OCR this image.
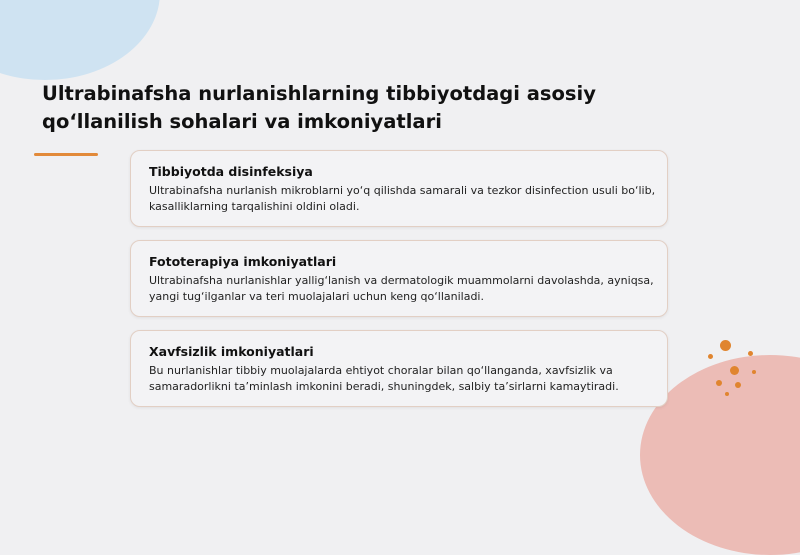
Ultrabinafsha nurlanishlarning tibbiyotdagi asosiy
qo‘llanilish sohalari va imkoniyatlari
Tibbiyotda disinfeksiya

Ultrabinafsha nurlanish mikroblarni yo‘q qilishda samarali va tezkor disinfection usuli bo‘lib, kasalliklarning tarqalishini oldini oladi.

Fototerapiya imkoniyatlari

Ultrabinafsha nurlanishlar yallig‘lanish va dermatologik muammolarni davolashda, ayniqsa, yangi tug‘ilganlar va teri muolajalari uchun keng qo‘llaniladi.

Xavfsizlik imkoniyatlari

Bu nurlanishlar tibbiy muolajalarda ehtiyot choralar bilan qo‘llanganda, xavfsizlik va samaradorlikni ta’minlash imkonini beradi, shuningdek, salbiy ta’sirlarni kamaytiradi.
